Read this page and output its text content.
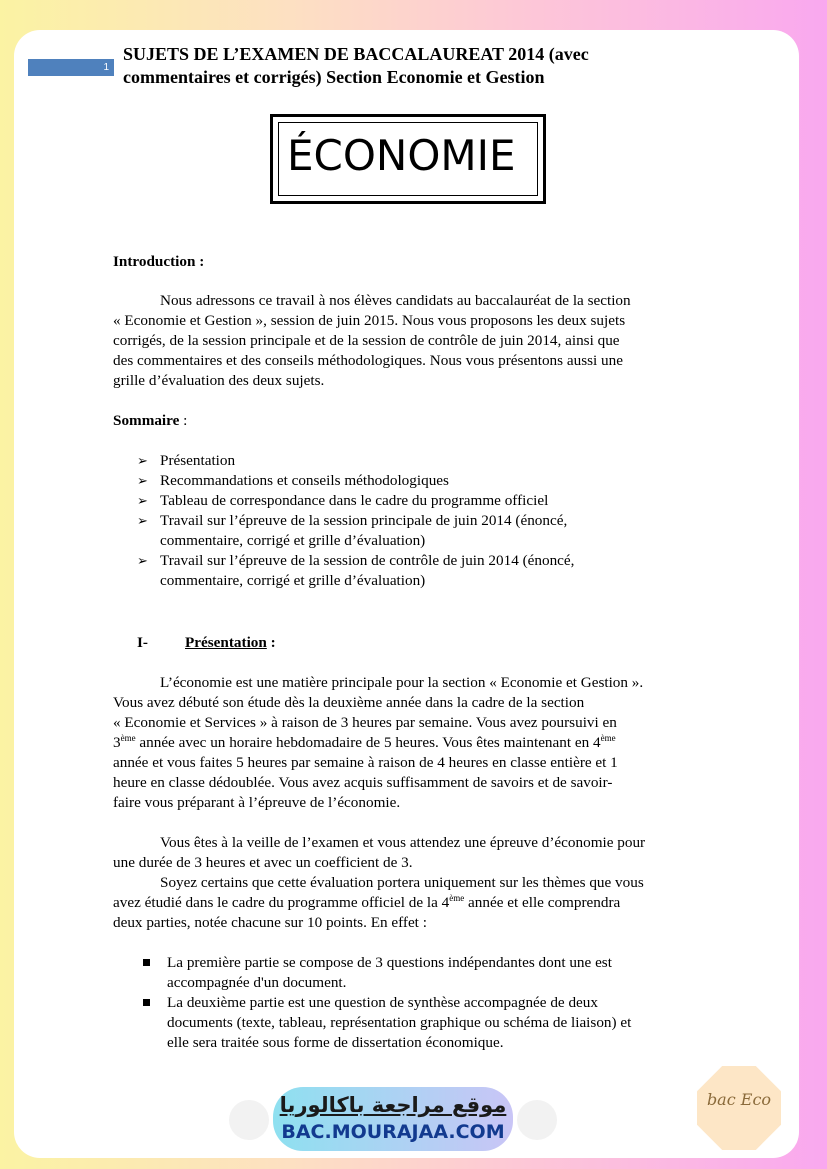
1
SUJETS DE L’EXAMEN DE BACCALAUREAT 2014 (avec
commentaires et corrigés) Section Economie et Gestion
ÉCONOMIE
Introduction :
Nous adressons ce travail à nos élèves candidats au baccalauréat de la section
« Economie et Gestion », session de juin 2015. Nous vous proposons les deux sujets
corrigés, de la session principale et de la session de contrôle de juin 2014, ainsi que
des commentaires et des conseils méthodologiques. Nous vous présentons aussi une
grille d’évaluation des deux sujets.
Sommaire :
➢ Présentation
➢ Recommandations et conseils méthodologiques
➢ Tableau de correspondance dans le cadre du programme officiel
➢ Travail sur l’épreuve de la session principale de juin 2014 (énoncé,
commentaire, corrigé et grille d’évaluation)
➢ Travail sur l’épreuve de la session de contrôle de juin 2014 (énoncé,
commentaire, corrigé et grille d’évaluation)
I- Présentation :
L’économie est une matière principale pour la section « Economie et Gestion ».
Vous avez débuté son étude dès la deuxième année dans la cadre de la section
« Economie et Services » à raison de 3 heures par semaine. Vous avez poursuivi en
3ème année avec un horaire hebdomadaire de 5 heures. Vous êtes maintenant en 4ème
année et vous faites 5 heures par semaine à raison de 4 heures en classe entière et 1
heure en classe dédoublée. Vous avez acquis suffisamment de savoirs et de savoir-
faire vous préparant à l’épreuve de l’économie.
Vous êtes à la veille de l’examen et vous attendez une épreuve d’économie pour
une durée de 3 heures et avec un coefficient de 3.
Soyez certains que cette évaluation portera uniquement sur les thèmes que vous
avez étudié dans le cadre du programme officiel de la 4ème année et elle comprendra
deux parties, notée chacune sur 10 points. En effet :
La première partie se compose de 3 questions indépendantes dont une est
accompagnée d'un document.
La deuxième partie est une question de synthèse accompagnée de deux
documents (texte, tableau, représentation graphique ou schéma de liaison) et
elle sera traitée sous forme de dissertation économique.
موقع مراجعة باكالوريا
BAC.MOURAJAA.COM
bac Eco
